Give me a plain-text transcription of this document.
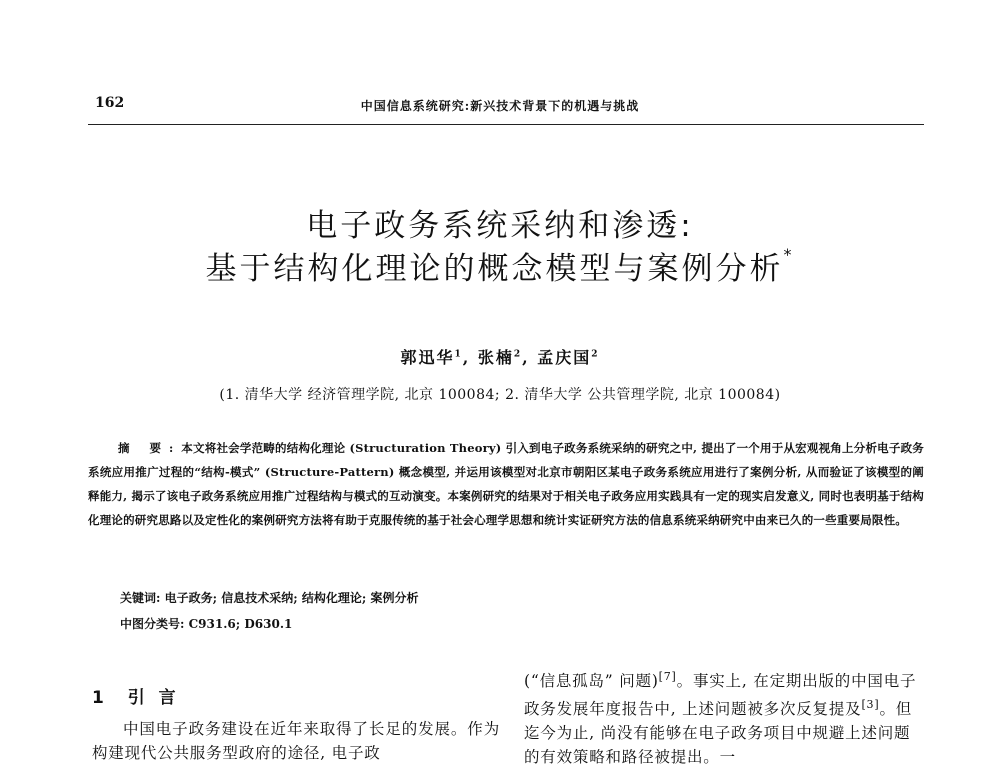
162	中国信息系统研究:新兴技术背景下的机遇与挑战
电子政务系统采纳和渗透:
基于结构化理论的概念模型与案例分析*
郭迅华$^1$, 张楠$^2$, 孟庆国$^2$
(1. 清华大学 经济管理学院, 北京 100084; 2. 清华大学 公共管理学院, 北京 100084)
摘 要:本文将社会学范畴的结构化理论 (Structuration Theory) 引入到电子政务系统采纳的研究之中, 提出了一个用于从宏观视角上分析电子政务系统应用推广过程的“结构-模式” (Structure-Pattern) 概念模型, 并运用该模型对北京市朝阳区某电子政务系统应用进行了案例分析, 从而验证了该模型的阐释能力, 揭示了该电子政务系统应用推广过程结构与模式的互动演变。本案例研究的结果对于相关电子政务应用实践具有一定的现实启发意义, 同时也表明基于结构化理论的研究思路以及定性化的案例研究方法将有助于克服传统的基于社会心理学思想和统计实证研究方法的信息系统采纳研究中由来已久的一些重要局限性。
关键词: 电子政务; 信息技术采纳; 结构化理论; 案例分析
中图分类号: C931.6; D630.1
1 引 言
中国电子政务建设在近年来取得了长足的发展。作为构建现代公共服务型政府的途径, 电子政
(“信息孤岛” 问题)[7]。事实上, 在定期出版的中国电子政务发展年度报告中, 上述问题被多次反复提及[3]。但迄今为止, 尚没有能够在电子政务项目中规避上述问题的有效策略和路径被提出。一
